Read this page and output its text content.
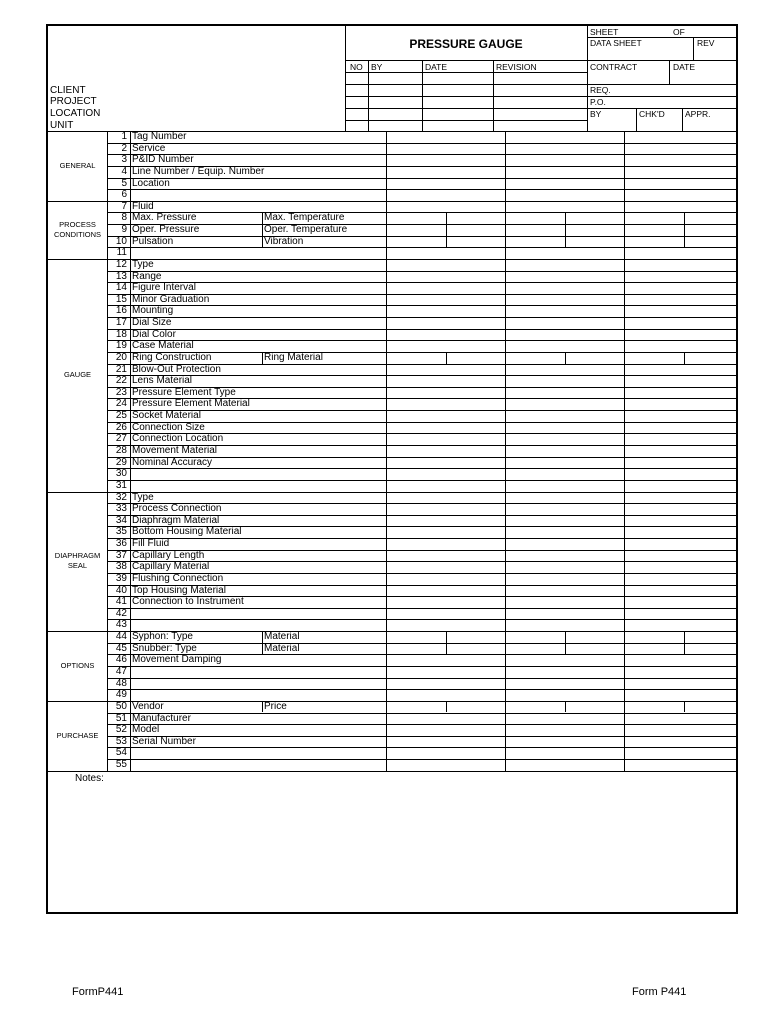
PRESSURE GAUGE
NO BY	DATE	REVISION
SHEET	OF
DATA SHEET	REV
CONTRACT	DATE
REQ.
P.O.
BY	CHK'D APPR.
CLIENT
PROJECT
LOCATION
UNIT
1 Tag Number
2 Service
3 P&ID Number
4 Line Number / Equip. Number
5 Location
6
7 Fluid
8 Max. Pressure	Max. Temperature
9 Oper. Pressure	Oper. Temperature
10 Pulsation	Vibration
11
12 Type
13 Range
14 Figure Interval
15 Minor Graduation
16 Mounting
17 Dial Size
18 Dial Color
19 Case Material
20 Ring Construction	Ring Material
21 Blow-Out Protection
22 Lens Material
23 Pressure Element Type
24 Pressure Element Material
25 Socket Material
26 Connection Size
27 Connection Location
28 Movement Material
29 Nominal Accuracy
30
31
32 Type
33 Process Connection
34 Diaphragm Material
35 Bottom Housing Material
36 Fill Fluid
37 Capillary Length
38 Capillary Material
39 Flushing Connection
40 Top Housing Material
41 Connection to Instrument
42
43
44 Syphon: Type	Material
45 Snubber: Type	Material
46 Movement Damping
47
48
49
50 Vendor	Price
51 Manufacturer
52 Model
53 Serial Number
54
55
GENERAL
PROCESS
CONDITIONS
GAUGE
DIAPHRAGM
SEAL
OPTIONS
PURCHASE
Notes:
FormP441	Form P441
